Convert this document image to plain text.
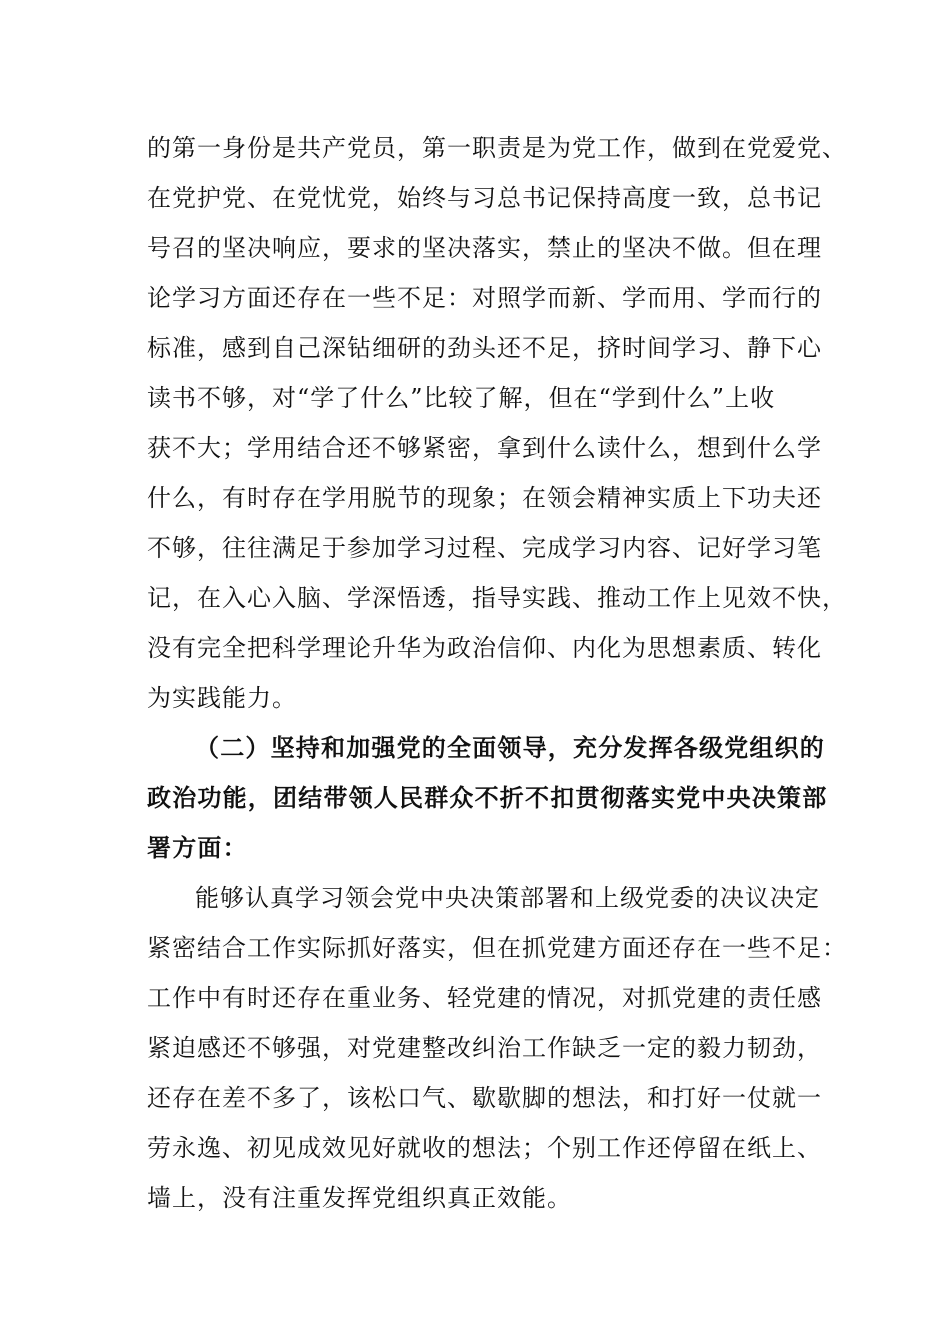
的第一身份是共产党员，第一职责是为党工作，做到在党爱党、
在党护党、在党忧党，始终与习总书记保持高度一致，总书记
号召的坚决响应，要求的坚决落实，禁止的坚决不做。但在理
论学习方面还存在一些不足：对照学而新、学而用、学而行的
标准，感到自己深钻细研的劲头还不足，挤时间学习、静下心
读书不够，对“学了什么”比较了解，但在“学到什么”上收
获不大；学用结合还不够紧密，拿到什么读什么，想到什么学
什么，有时存在学用脱节的现象；在领会精神实质上下功夫还
不够，往往满足于参加学习过程、完成学习内容、记好学习笔
记，在入心入脑、学深悟透，指导实践、推动工作上见效不快，
没有完全把科学理论升华为政治信仰、内化为思想素质、转化
为实践能力。
（二）坚持和加强党的全面领导，充分发挥各级党组织的
政治功能，团结带领人民群众不折不扣贯彻落实党中央决策部
署方面：
能够认真学习领会党中央决策部署和上级党委的决议决定
紧密结合工作实际抓好落实，但在抓党建方面还存在一些不足：
工作中有时还存在重业务、轻党建的情况，对抓党建的责任感
紧迫感还不够强，对党建整改纠治工作缺乏一定的毅力韧劲，
还存在差不多了，该松口气、歇歇脚的想法，和打好一仗就一
劳永逸、初见成效见好就收的想法；个别工作还停留在纸上、
墙上，没有注重发挥党组织真正效能。
